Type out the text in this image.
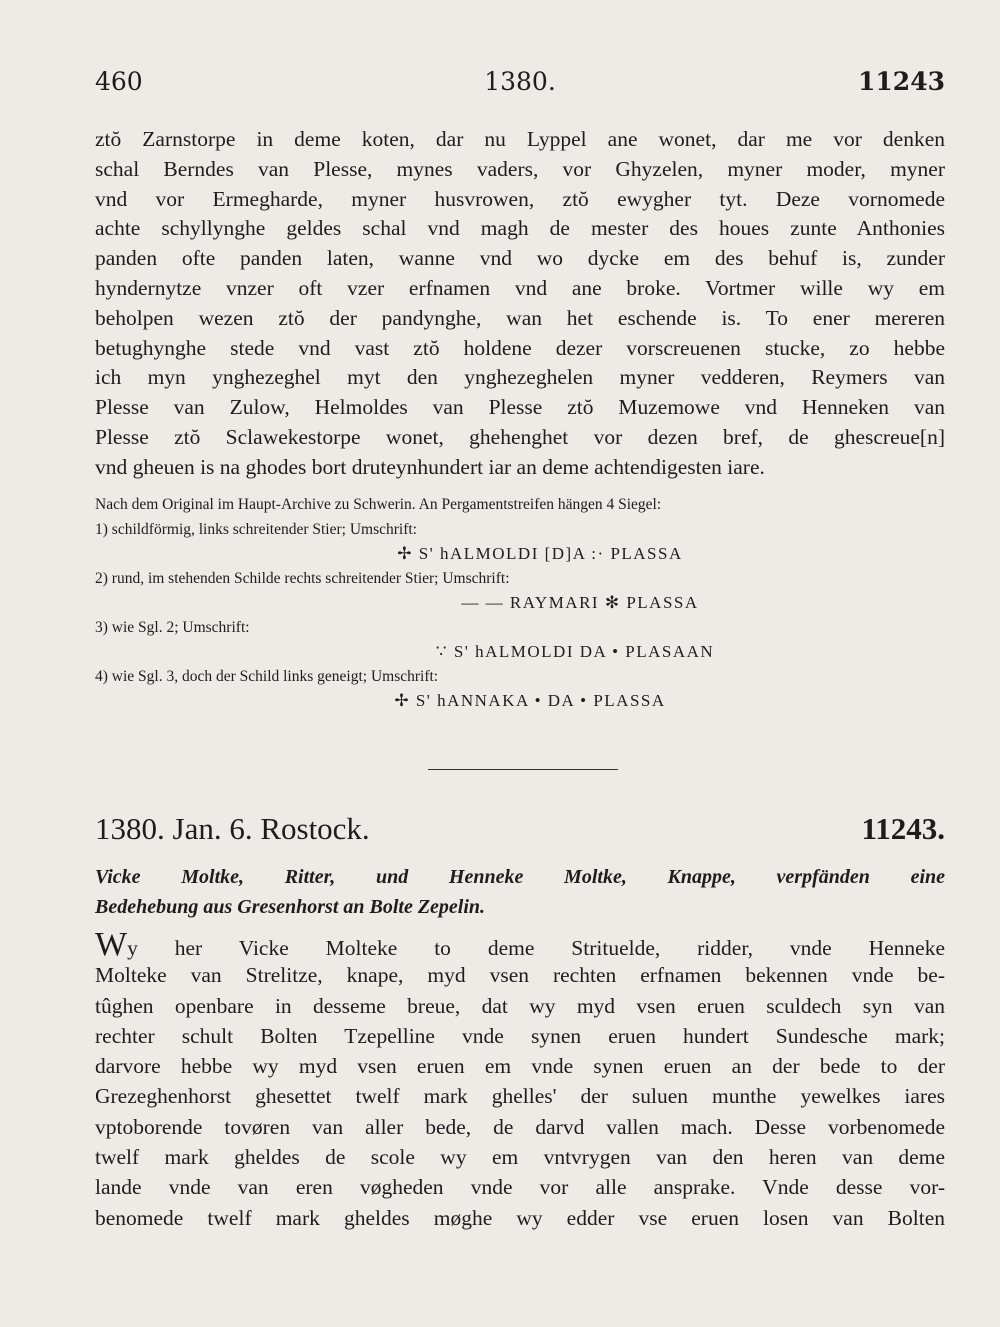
460	1380.	11243
ztŏ Zarnstorpe in deme koten, dar nu Lyppel ane wonet, dar me vor denken
schal Berndes van Plesse, mynes vaders, vor Ghyzelen, myner moder, myner
vnd vor Ermegharde, myner husvrowen, ztŏ ewygher tyt. Deze vornomede
achte schyllynghe geldes schal vnd magh de mester des houes zunte Anthonies
panden ofte panden laten, wanne vnd wo dycke em des behuf is, zunder
hyndernytze vnzer oft vzer erfnamen vnd ane broke. Vortmer wille wy em
beholpen wezen ztŏ der pandynghe, wan het eschende is. To ener mereren
betughynghe stede vnd vast ztŏ holdene dezer vorscreuenen stucke, zo hebbe
ich myn ynghezeghel myt den ynghezeghelen myner vedderen, Reymers van
Plesse van Zulow, Helmoldes van Plesse ztŏ Muzemowe vnd Henneken van
Plesse ztŏ Sclawekestorpe wonet, ghehenghet vor dezen bref, de ghescreue[n]
vnd gheuen is na ghodes bort druteynhundert iar an deme achtendigesten iare.
Nach dem Original im Haupt-Archive zu Schwerin. An Pergamentstreifen hängen 4 Siegel:
1) schildförmig, links schreitender Stier; Umschrift:
✢ S' hALMOLDI [D]A :· PLASSA
2) rund, im stehenden Schilde rechts schreitender Stier; Umschrift:
— — RAYMARI ✻ PLASSA
3) wie Sgl. 2; Umschrift:
∵ S' hALMOLDI DA • PLASAAN
4) wie Sgl. 3, doch der Schild links geneigt; Umschrift:
✢ S' hANNAKA • DA • PLASSA
1380. Jan. 6. Rostock.	11243.
Vicke Moltke, Ritter, und Henneke Moltke, Knappe, verpfänden eine
Bedehebung aus Gresenhorst an Bolte Zepelin.
Wy her Vicke Molteke to deme Strituelde, ridder, vnde Henneke
Molteke van Strelitze, knape, myd vsen rechten erfnamen bekennen vnde be-
tûghen openbare in desseme breue, dat wy myd vsen eruen sculdech syn van
rechter schult Bolten Tzepelline vnde synen eruen hundert Sundesche mark;
darvore hebbe wy myd vsen eruen em vnde synen eruen an der bede to der
Grezeghenhorst ghesettet twelf mark ghelles' der suluen munthe yewelkes iares
vptoborende tovøren van aller bede, de darvd vallen mach. Desse vorbenomede
twelf mark gheldes de scole wy em vntvrygen van den heren van deme
lande vnde van eren vøgheden vnde vor alle ansprake. Vnde desse vor-
benomede twelf mark gheldes møghe wy edder vse eruen losen van Bolten
